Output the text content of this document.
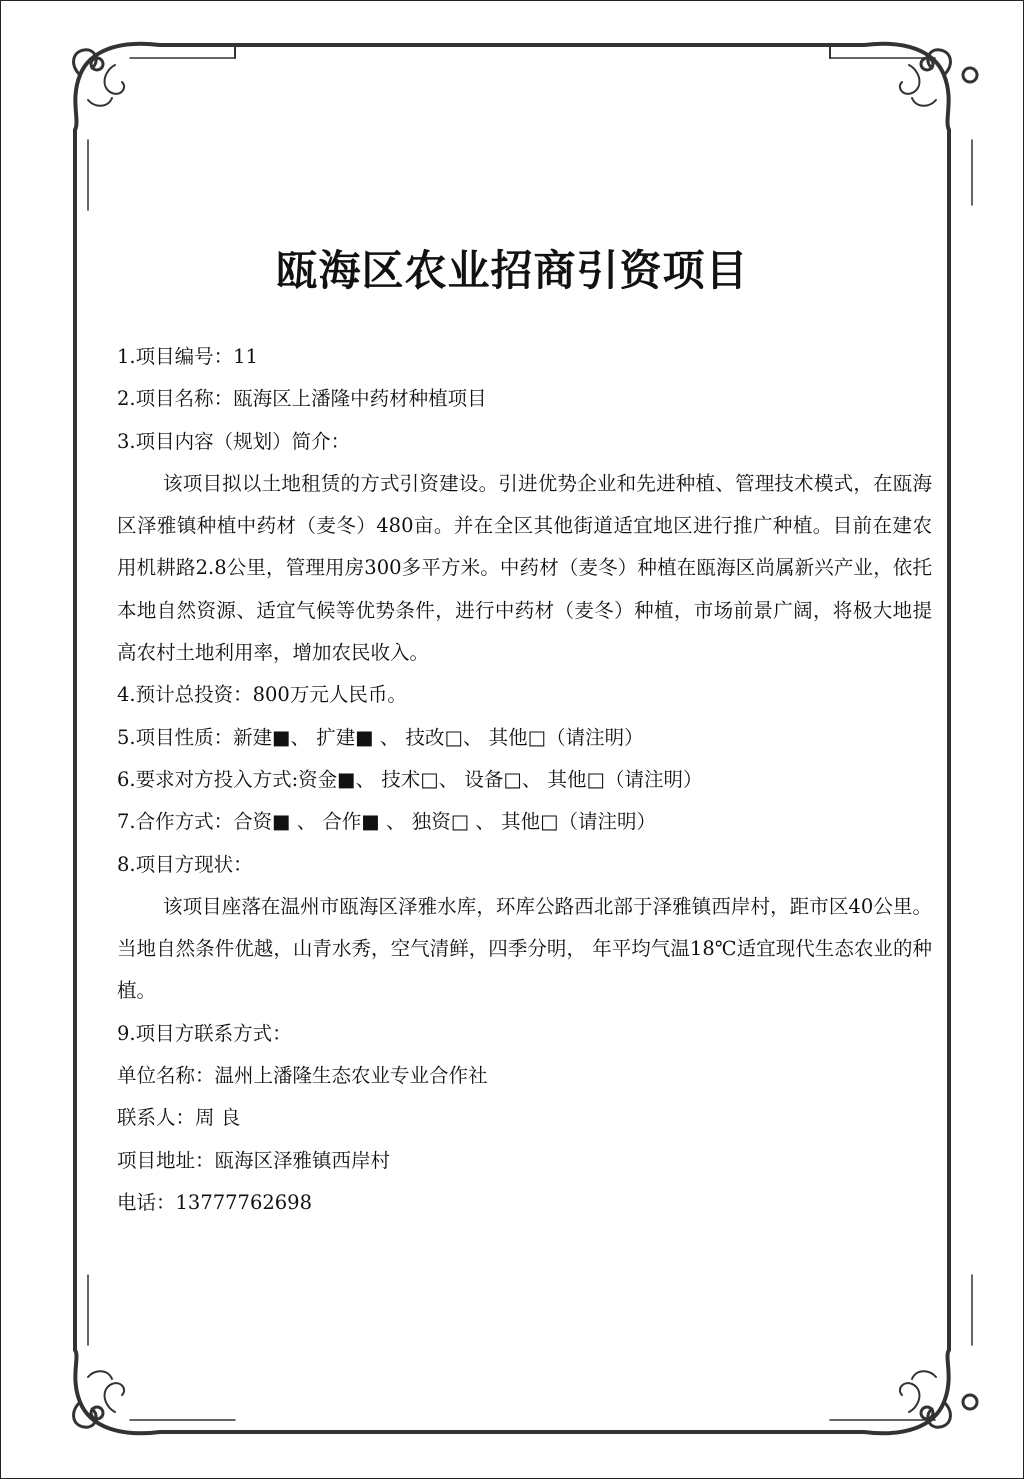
瓯海区农业招商引资项目

1.项目编号：11

2.项目名称：瓯海区上潘隆中药材种植项目

3.项目内容（规划）简介：

该项目拟以土地租赁的方式引资建设。引进优势企业和先进种植、管理技术模式，在瓯海区泽雅镇种植中药材（麦冬）480亩。并在全区其他街道适宜地区进行推广种植。目前在建农用机耕路2.8公里，管理用房300多平方米。中药材（麦冬）种植在瓯海区尚属新兴产业，依托本地自然资源、适宜气候等优势条件，进行中药材（麦冬）种植，市场前景广阔，将极大地提高农村土地利用率，增加农民收入。

4.预计总投资：800万元人民币。

5.项目性质：新建■、 扩建■ 、 技改□、 其他□（请注明）

6.要求对方投入方式:资金■、 技术□、 设备□、 其他□（请注明）

7.合作方式：合资■ 、 合作■ 、 独资□ 、 其他□（请注明）

8.项目方现状：

该项目座落在温州市瓯海区泽雅水库，环库公路西北部于泽雅镇西岸村，距市区40公里。当地自然条件优越，山青水秀，空气清鲜，四季分明， 年平均气温18℃适宜现代生态农业的种植。

9.项目方联系方式：

单位名称：温州上潘隆生态农业专业合作社

联系人：周 良

项目地址：瓯海区泽雅镇西岸村

电话：13777762698
